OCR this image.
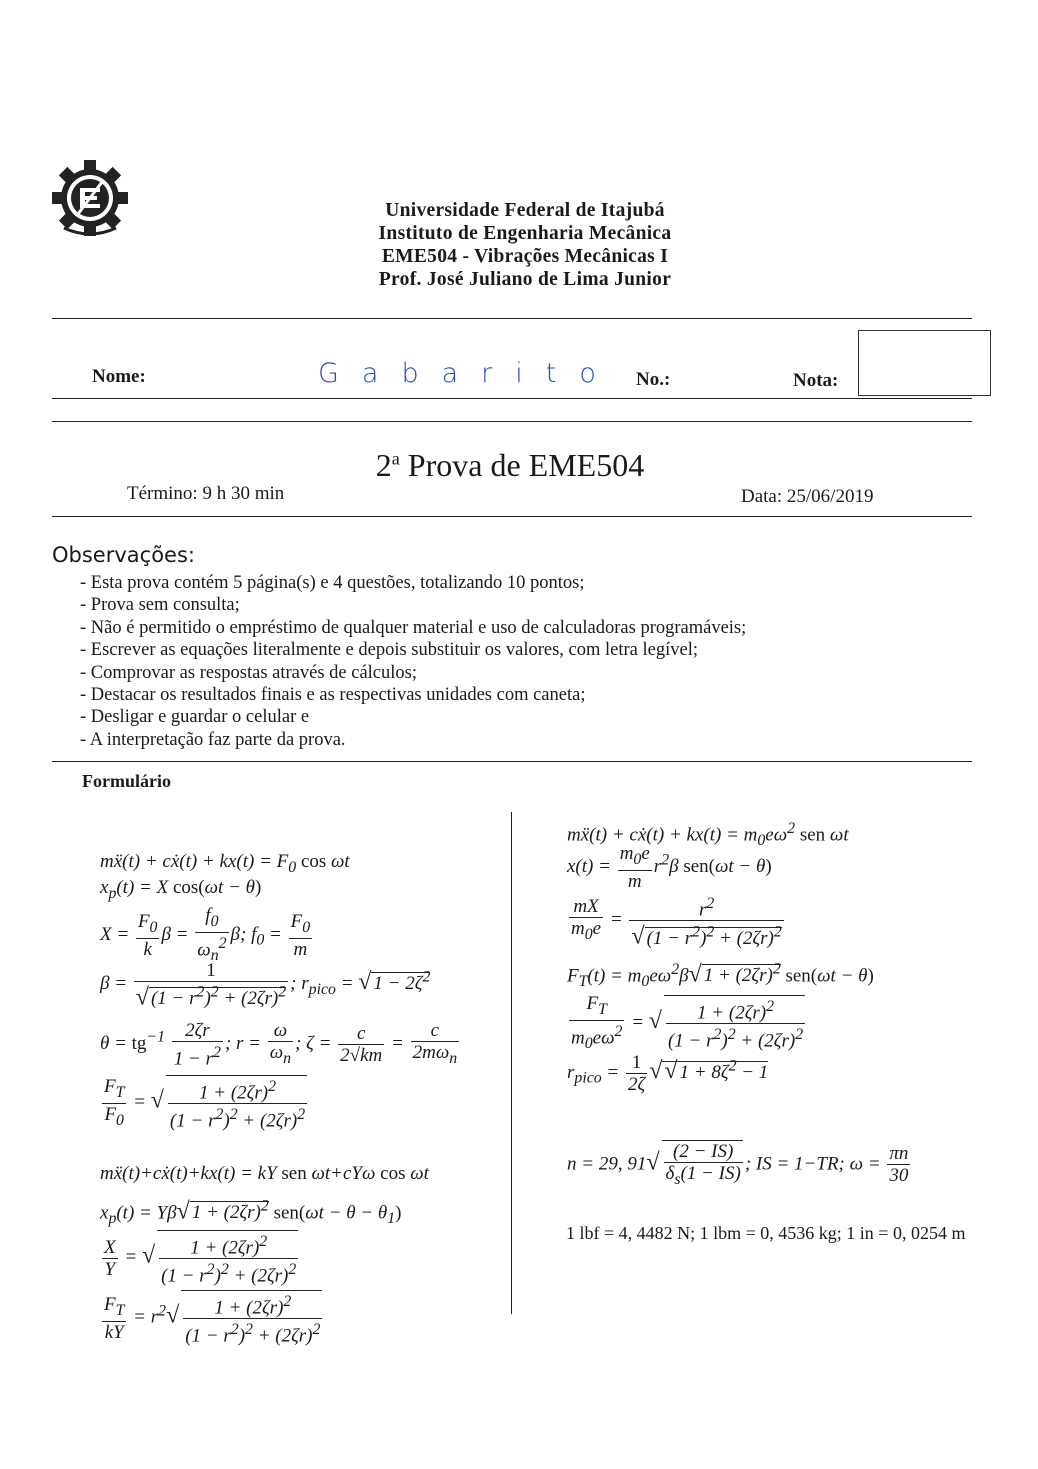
Universidade Federal de Itajubá
Instituto de Engenharia Mecânica
EME504 - Vibrações Mecânicas I
Prof. José Juliano de Lima Junior
Nome:	Gabarito No.:	Nota:
2$^a$ Prova de EME504
Término: 9 h 30 min	Data: 25/06/2019
Observações:
- Esta prova contém 5 página(s) e 4 questões, totalizando 10 pontos;
- Prova sem consulta;
- Não é permitido o empréstimo de qualquer material e uso de calculadoras programáveis;
- Escrever as equações literalmente e depois substituir os valores, com letra legível;
- Comprovar as respostas através de cálculos;
- Destacar os resultados finais e as respectivas unidades com caneta;
- Desligar e guardar o celular e
- A interpretação faz parte da prova.
Formulário
mẍ(t) + cẋ(t) + $kx(t) = F_0$ cos ωt
$x_p(t) = X$ cos(ωt − θ)
$X = \frac{F_0}{k}$ $\beta = \frac{f_0}{\omega_n^2} \beta$; $f_0 = \frac{F_0}{m}$
$\beta = \frac{1}{√ (1 - r^2)^2 + (2\zeta r)^2}$ ; $r_{pico}$ = √ $1 - 2\zeta^2$
$\theta = tg^{-1} \frac{2\zeta r}{1 - r^2}$ ; $r = \frac{\omega}{\omega_n}$ ; $\zeta = \frac{c}{2√km} = \frac{c}{2m\omega_n}$
$\frac{F_T}{F_0}$ = √ $\frac{1 + (2\zeta r)^2}{(1 - r^2)^2 + (2\zeta r)^2}$
mẍ(t)+cẋ(t)+kx(t) = kY sen ωt+cYω cos ωt
$x_p(t) = Y\beta√$ $1 + (2\zeta r)^2$ $sen(\omega t - \theta - \theta_1)$
$\frac{X}{Y}$ = √ $\frac{1 + (2\zeta r)^2}{(1 - r^2)^2 + (2\zeta r)^2}$
$\frac{F_T}{kY} = r^2√ \frac{1 + (2\zeta r)^2}{(1 - r^2)^2 + (2\zeta r)^2}$
mẍ(t) + cẋ(t) + $kx(t) = m_0e\omega^2$ sen ωt
$x(t) = \frac{m_0e}{m} r^2\beta$ sen(ωt − θ)
$\frac{mX}{m_0e} = \frac{r^2}{√ (1 - r^2)^2 + (2\zeta r)^2}$
$F_T(t) = m_0e\omega^2\beta√$ $1 + (2\zeta r)^2$ sen(ωt − θ)
$\frac{F_T}{m_0e\omega^2}$ = √ $\frac{1 + (2\zeta r)^2}{(1 - r^2)^2 + (2\zeta r)^2}$
$r_{pico} = \frac{1}{2\zeta}$ √√ $1 + 8\zeta^2 - 1$
n = 29, $91√ \frac{(2 - IS)}{\delta_s(1 - IS)}$ ; IS = 1−TR; $\omega = \frac{\pi n}{30}$
1 lbf = 4, 4482 N; 1 lbm = 0, 4536 kg; 1 in = 0, 0254 m
